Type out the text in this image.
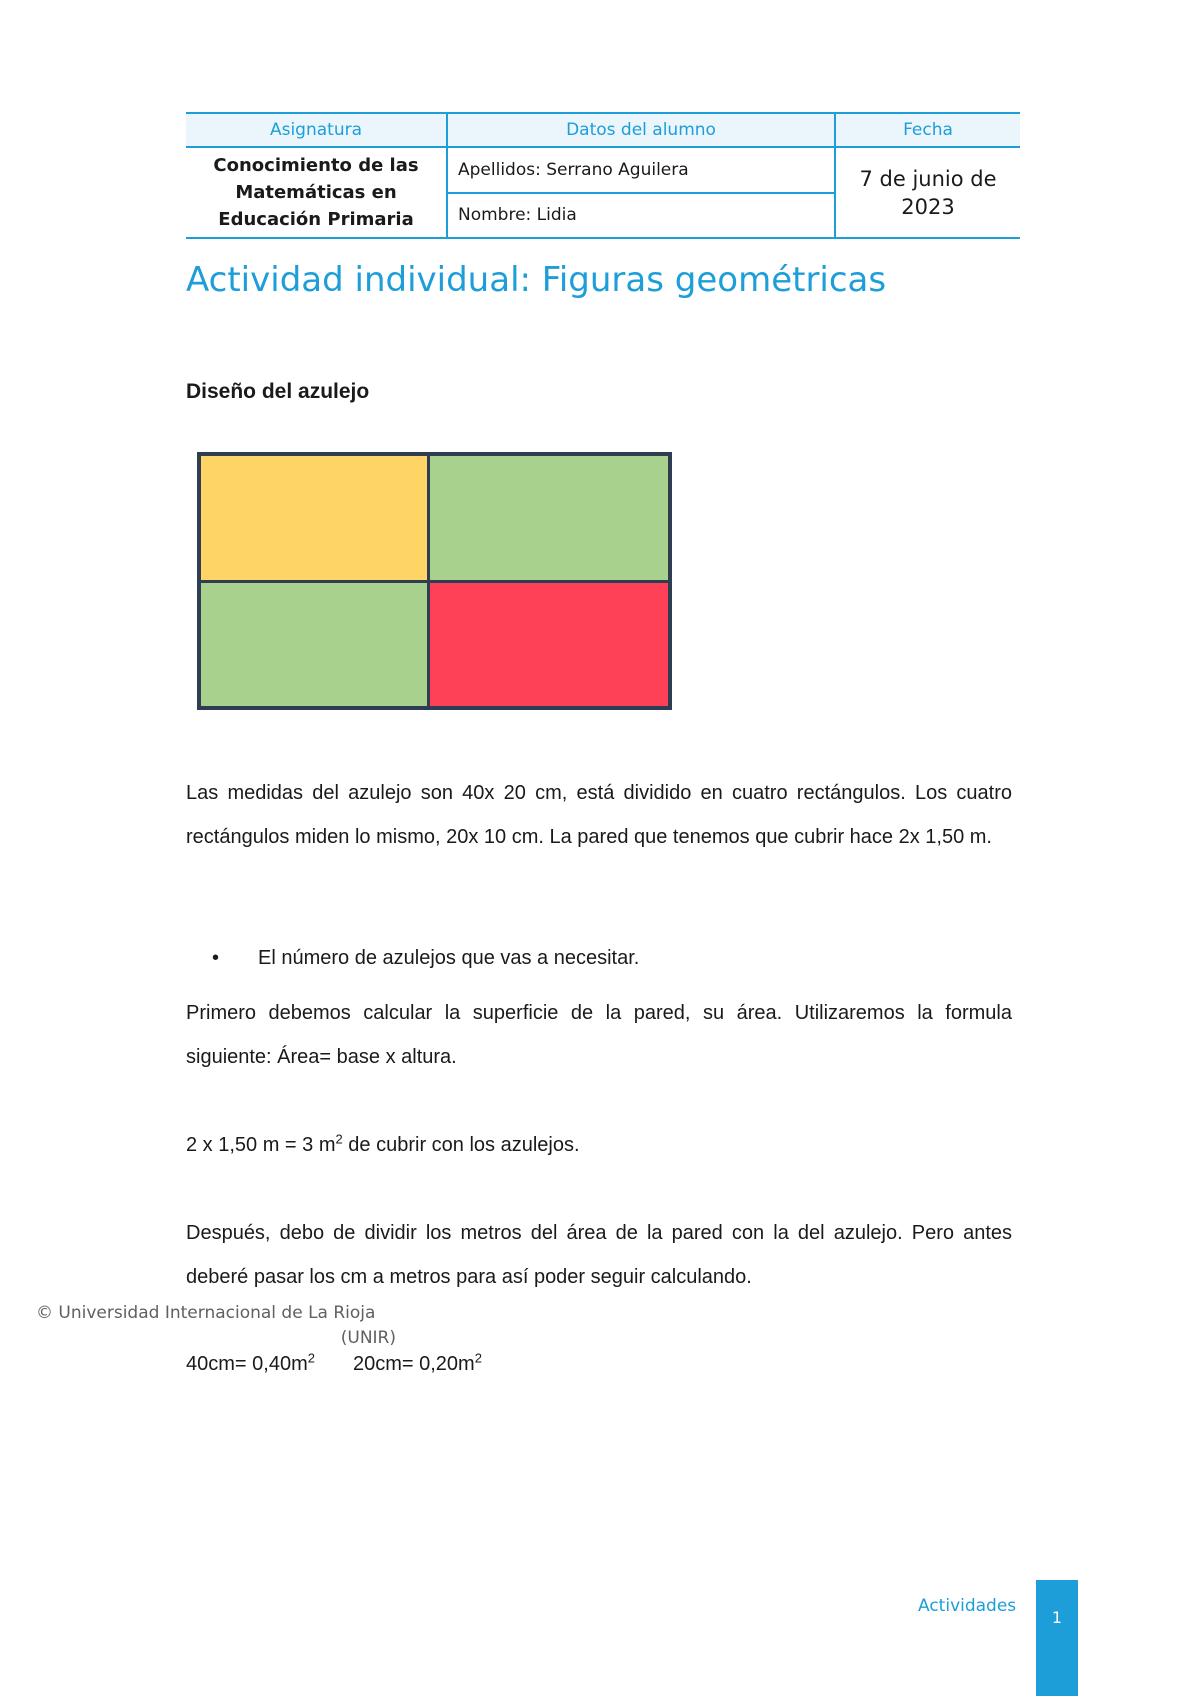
Asignatura	Datos del alumno	Fecha
Conocimiento de las
Matemáticas en
Educación Primaria	Apellidos: Serrano Aguilera	7 de junio de
2023
	Nombre: Lidia	
Actividad individual: Figuras geométricas
Diseño del azulejo

Las medidas del azulejo son 40x 20 cm, está dividido en cuatro rectángulos. Los cuatro rectángulos miden lo mismo, 20x 10 cm. La pared que tenemos que cubrir hace 2x 1,50 m.

• El número de azulejos que vas a necesitar.

Primero debemos calcular la superficie de la pared, su área. Utilizaremos la formula siguiente: Área= base x altura.

2 x 1,50 m = 3 $m^2$ de cubrir con los azulejos.

Después, debo de dividir los metros del área de la pared con la del azulejo. Pero antes deberé pasar los cm a metros para así poder seguir calculando.

© Universidad Internacional de La Rioja
(UNIR)
$40cm= 0,40m^2$ $20cm= 0,20m^2$
Actividades
1
